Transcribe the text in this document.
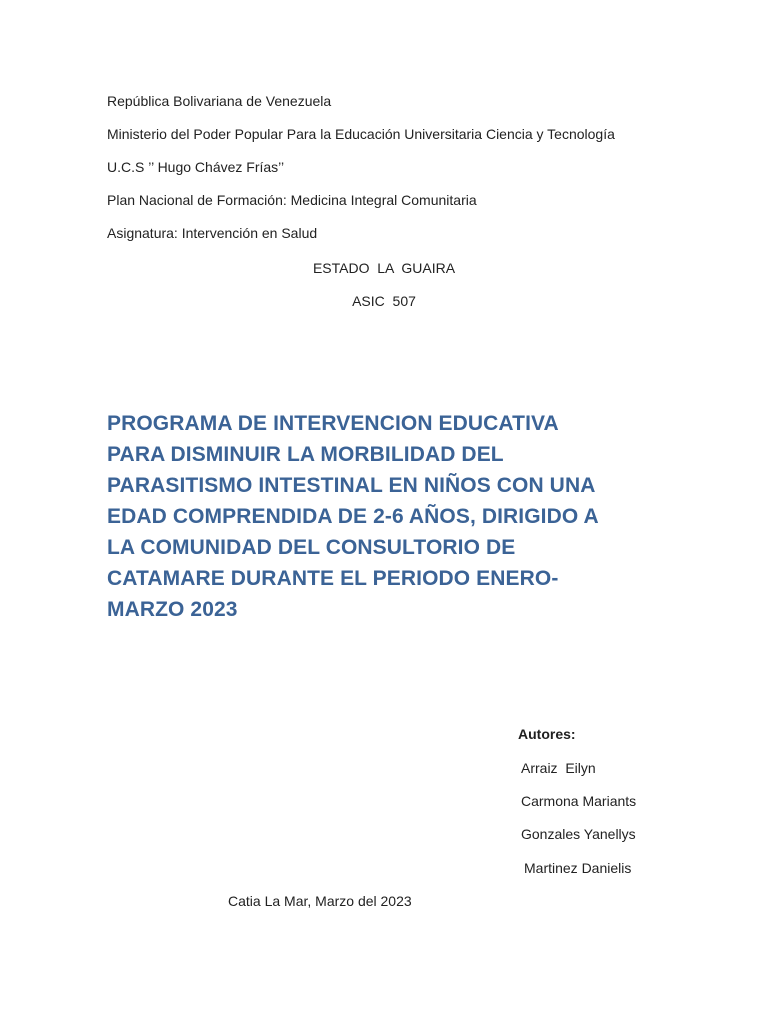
República Bolivariana de Venezuela
Ministerio del Poder Popular Para la Educación Universitaria Ciencia y Tecnología
U.C.S ’’ Hugo Chávez Frías’’
Plan Nacional de Formación: Medicina Integral Comunitaria
Asignatura: Intervención en Salud
ESTADO  LA  GUAIRA
ASIC  507
PROGRAMA DE INTERVENCION EDUCATIVA
PARA DISMINUIR LA MORBILIDAD DEL
PARASITISMO INTESTINAL EN NIÑOS CON UNA
EDAD COMPRENDIDA DE 2-6 AÑOS, DIRIGIDO A
LA COMUNIDAD DEL CONSULTORIO DE
CATAMARE DURANTE EL PERIODO ENERO-
MARZO 2023
Autores:
Arraiz  Eilyn
Carmona Mariants
Gonzales Yanellys
Martinez Danielis
Catia La Mar, Marzo del 2023
